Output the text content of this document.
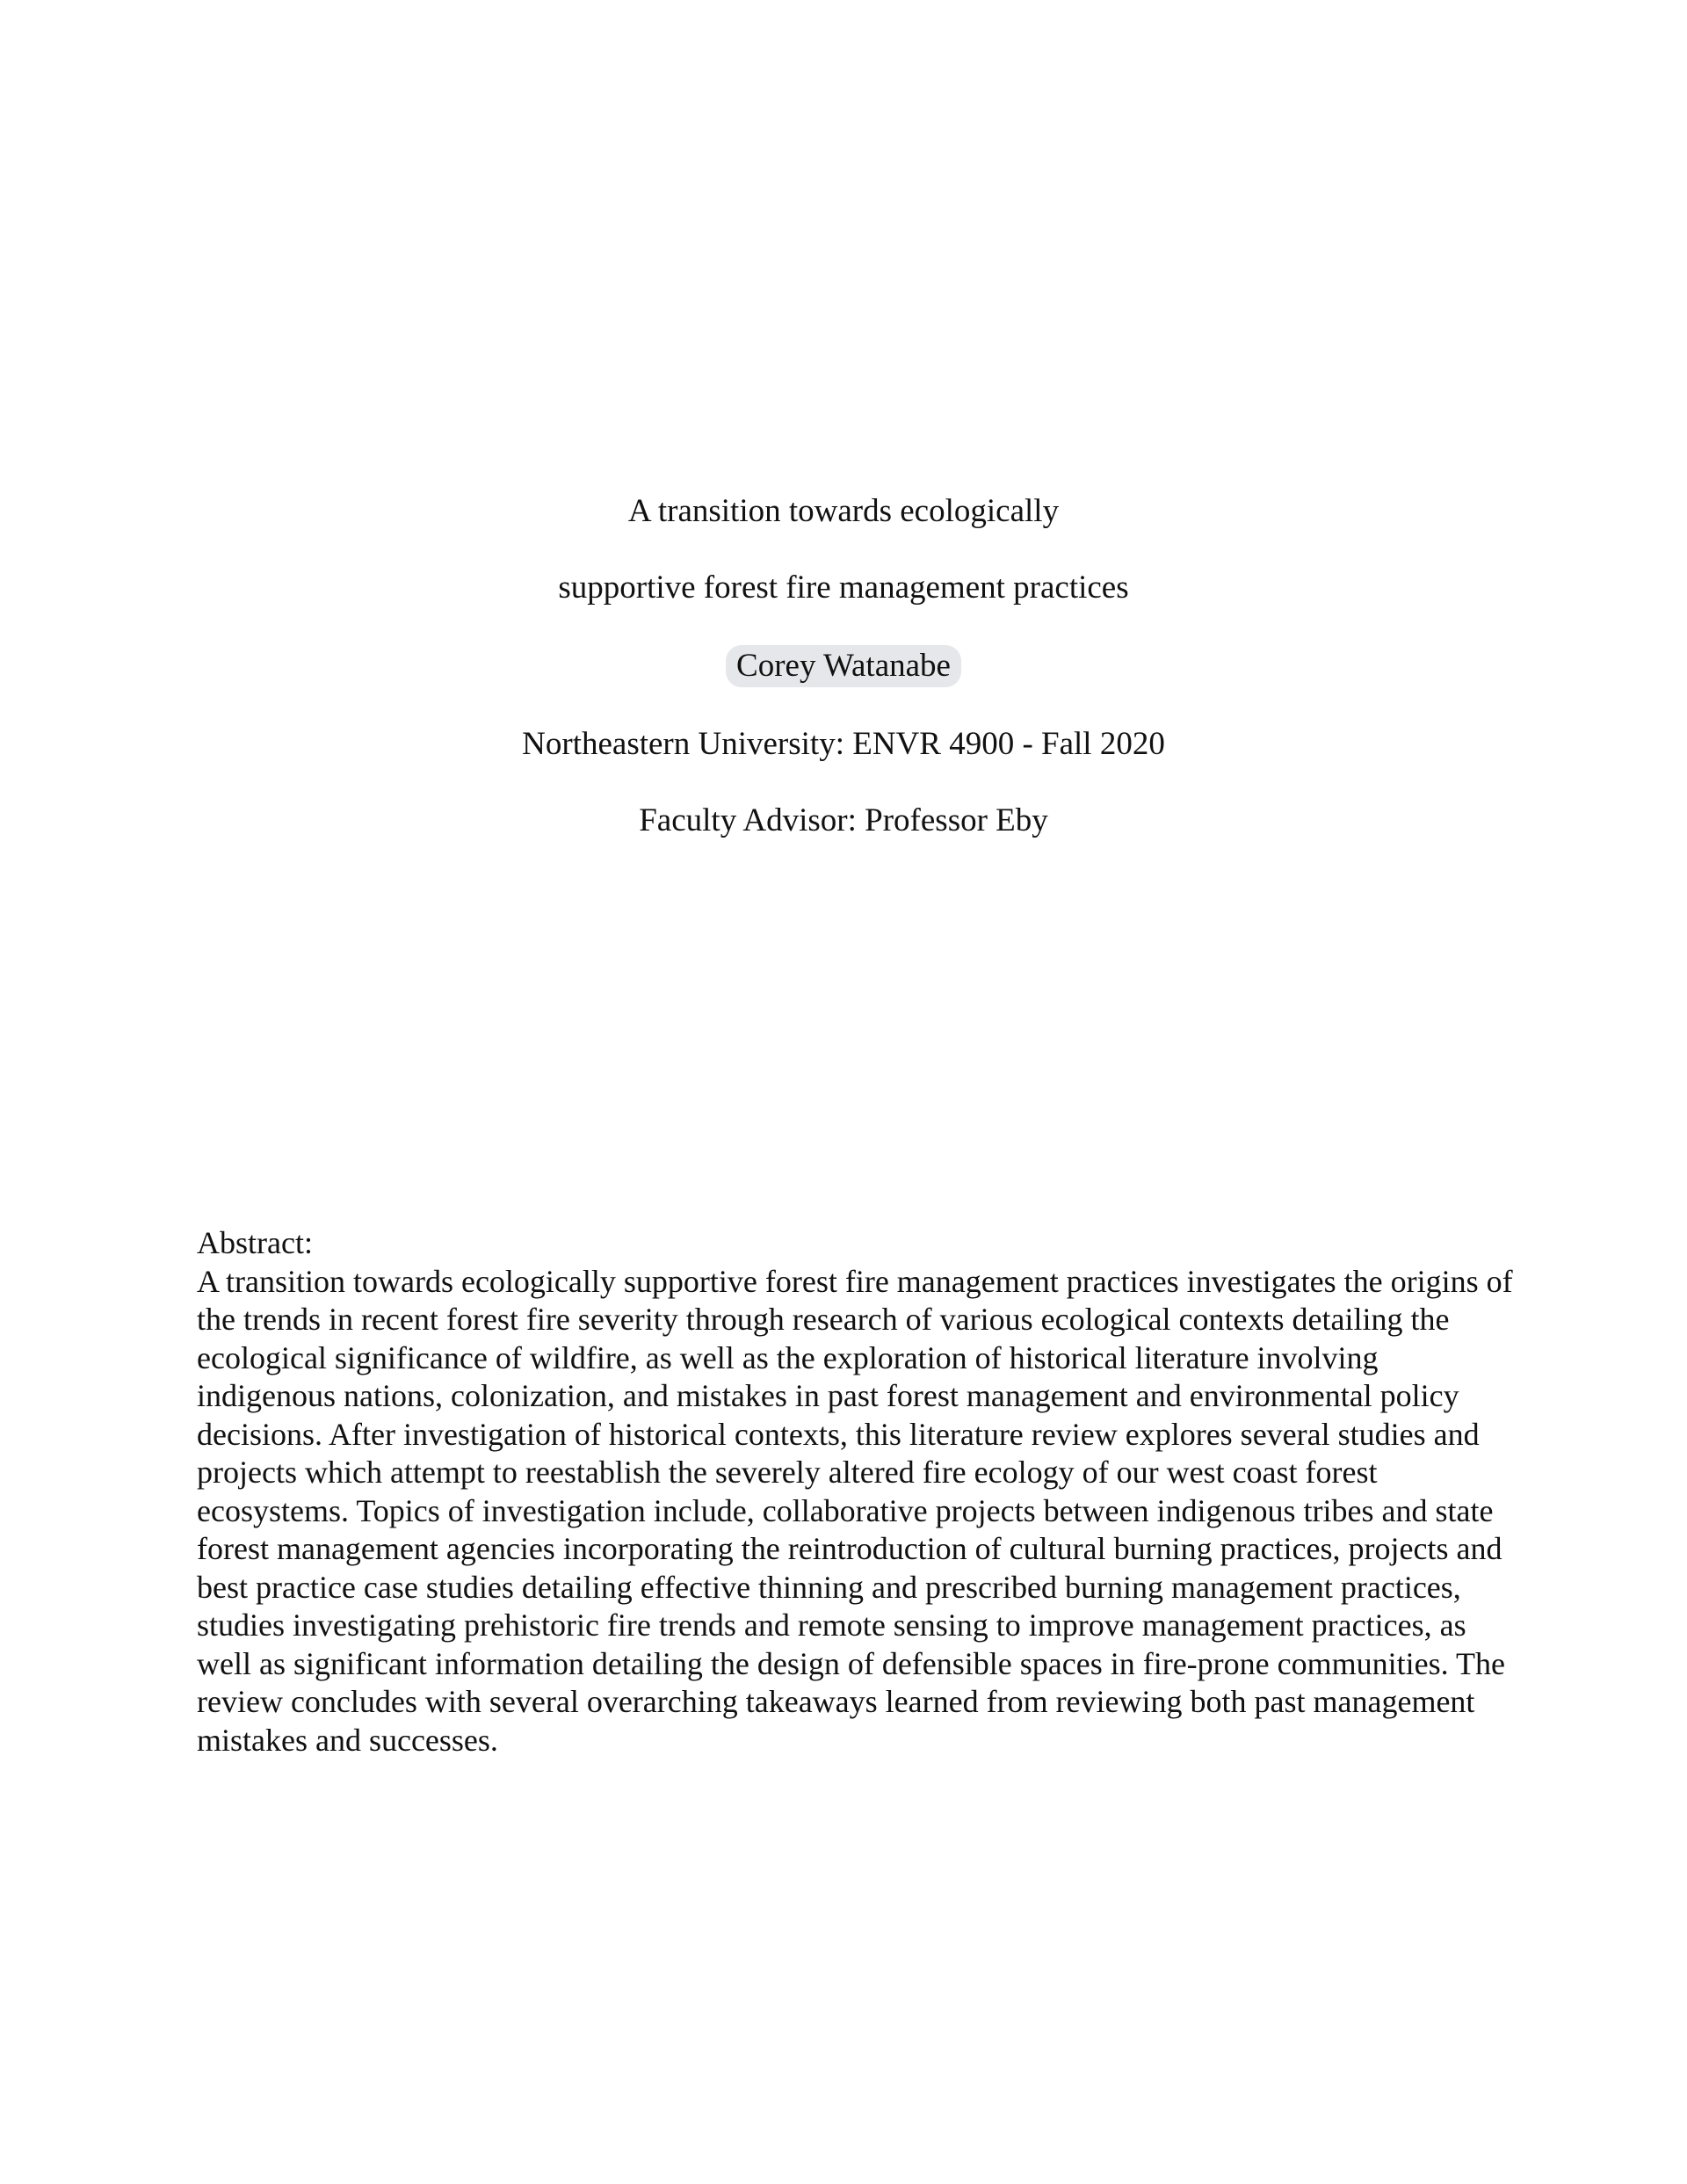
A transition towards ecologically
supportive forest fire management practices
Corey Watanabe
Northeastern University: ENVR 4900 - Fall 2020
Faculty Advisor: Professor Eby
Abstract:
A transition towards ecologically supportive forest fire management practices investigates the origins of the trends in recent forest fire severity through research of various ecological contexts detailing the ecological significance of wildfire, as well as the exploration of historical literature involving indigenous nations, colonization, and mistakes in past forest management and environmental policy decisions. After investigation of historical contexts, this literature review explores several studies and projects which attempt to reestablish the severely altered fire ecology of our west coast forest ecosystems. Topics of investigation include, collaborative projects between indigenous tribes and state forest management agencies incorporating the reintroduction of cultural burning practices, projects and best practice case studies detailing effective thinning and prescribed burning management practices, studies investigating prehistoric fire trends and remote sensing to improve management practices, as well as significant information detailing the design of defensible spaces in fire-prone communities. The review concludes with several overarching takeaways learned from reviewing both past management mistakes and successes.
